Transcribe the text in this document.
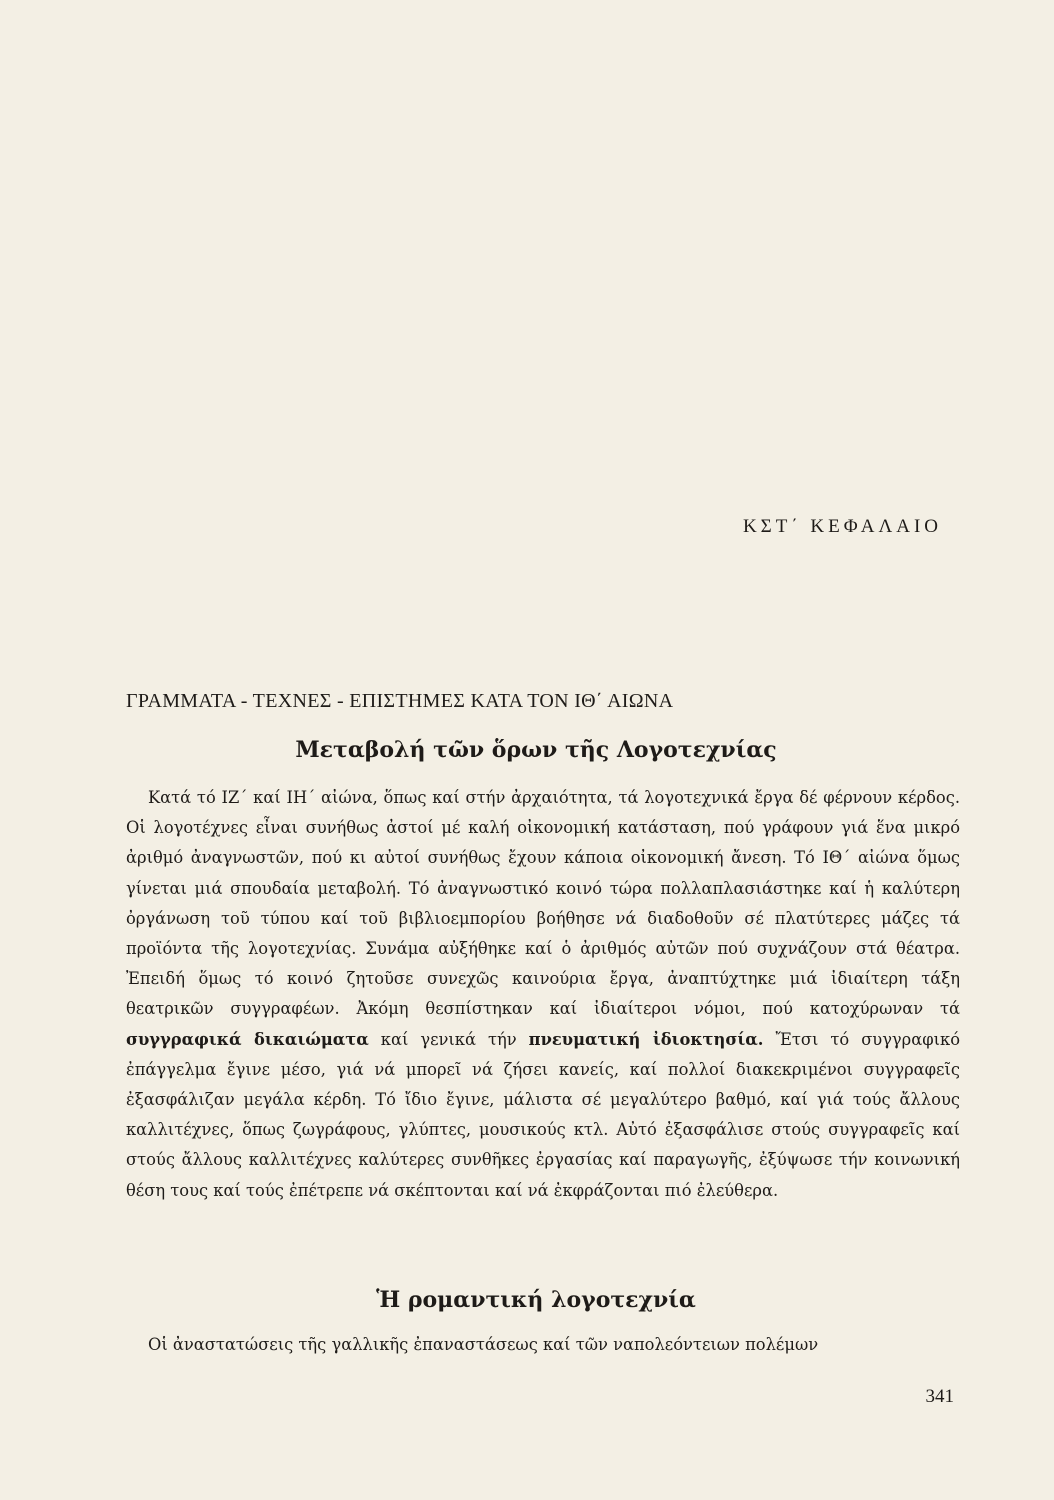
ΚΣΤ΄ ΚΕΦΑΛΑΙΟ
ΓΡΑΜΜΑΤΑ - ΤΕΧΝΕΣ - ΕΠΙΣΤΗΜΕΣ ΚΑΤΑ ΤΟΝ ΙΘ΄ ΑΙΩΝΑ
Μεταβολή τῶν ὅρων τῆς Λογοτεχνίας
Κατά τό ΙΖ΄ καί ΙΗ΄ αἰώνα, ὅπως καί στήν ἀρχαιότητα, τά λογοτεχνικά ἔργα δέ φέρνουν κέρδος. Οἱ λογοτέχνες εἶναι συνήθως ἀστοί μέ καλή οἰκονομική κατάσταση, πού γράφουν γιά ἕνα μικρό ἀριθμό ἀναγνωστῶν, πού κι αὐτοί συνήθως ἔχουν κάποια οἰκονομική ἄνεση. Τό ΙΘ΄ αἰώνα ὅμως γίνεται μιά σπουδαία μεταβολή. Τό ἀναγνωστικό κοινό τώρα πολλαπλασιάστηκε καί ἡ καλύτερη ὀργάνωση τοῦ τύπου καί τοῦ βιβλιοεμπορίου βοήθησε νά διαδοθοῦν σέ πλατύτερες μάζες τά προϊόντα τῆς λογοτεχνίας. Συνάμα αὐξήθηκε καί ὁ ἀριθμός αὐτῶν πού συχνάζουν στά θέατρα. Ἐπειδή ὅμως τό κοινό ζητοῦσε συνεχῶς καινούρια ἔργα, ἀναπτύχτηκε μιά ἰδιαίτερη τάξη θεατρικῶν συγγραφέων. Ἀκόμη θεσπίστηκαν καί ἰδιαίτεροι νόμοι, πού κατοχύρωναν τά συγγραφικά δικαιώματα καί γενικά τήν πνευματική ἰδιοκτησία. Ἔτσι τό συγγραφικό ἐπάγγελμα ἔγινε μέσο, γιά νά μπορεῖ νά ζήσει κανείς, καί πολλοί διακεκριμένοι συγγραφεῖς ἐξασφάλιζαν μεγάλα κέρδη. Τό ἴδιο ἔγινε, μάλιστα σέ μεγαλύτερο βαθμό, καί γιά τούς ἄλλους καλλιτέχνες, ὅπως ζωγράφους, γλύπτες, μουσικούς κτλ. Αὐτό ἐξασφάλισε στούς συγγραφεῖς καί στούς ἄλλους καλλιτέχνες καλύτερες συνθῆκες ἐργασίας καί παραγωγῆς, ἐξύψωσε τήν κοινωνική θέση τους καί τούς ἐπέτρεπε νά σκέπτονται καί νά ἐκφράζονται πιό ἐλεύθερα.
Ἡ ρομαντική λογοτεχνία
Οἱ ἀναστατώσεις τῆς γαλλικῆς ἐπαναστάσεως καί τῶν ναπολεόντειων πολέμων
341
